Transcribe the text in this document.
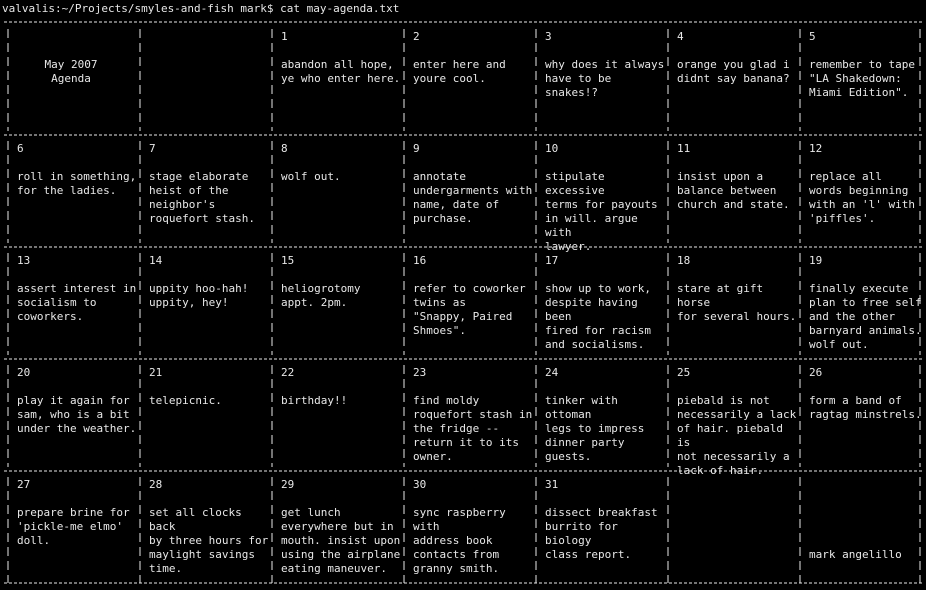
valvalis:~/Projects/smyles-and-fish mark$ cat may-agenda.txt
1
abandon all hope,
ye who enter here.
2
enter here and
youre cool.
3
why does it always
have to be snakes!?
4
orange you glad i
didnt say banana?
5
remember to tape
"LA Shakedown:
Miami Edition".
6
roll in something,
for the ladies.
7
stage elaborate
heist of the
neighbor's
roquefort stash.
8
wolf out.
9
annotate
undergarments with
name, date of
purchase.
10
stipulate excessive
terms for payouts
in will. argue with
lawyer.
11
insist upon a
balance between
church and state.
12
replace all
words beginning
with an 'l' with
'piffles'.
13
assert interest in
socialism to
coworkers.
14
uppity hoo-hah!
uppity, hey!
15
heliogrotomy
appt. 2pm.
16
refer to coworker
twins as
"Snappy, Paired
Shmoes".
17
show up to work,
despite having been
fired for racism
and socialisms.
18
stare at gift horse
for several hours.
19
finally execute
plan to free self
and the other
barnyard animals.
wolf out.
20
play it again for
sam, who is a bit
under the weather.
21
telepicnic.
22
birthday!!
23
find moldy
roquefort stash in
the fridge --
return it to its
owner.
24
tinker with ottoman
legs to impress
dinner party
guests.
25
piebald is not
necessarily a lack
of hair. piebald is
not necessarily a
lack of hair.
26
form a band of
ragtag minstrels.
27
prepare brine for
'pickle-me elmo'
doll.
28
set all clocks back
by three hours for
maylight savings
time.
29
get lunch
everywhere but in
mouth. insist upon
using the airplane
eating maneuver.
30
sync raspberry with
address book
contacts from
granny smith.
31
dissect breakfast
burrito for biology
class report.
May 2007
Agenda
mark angelillo
